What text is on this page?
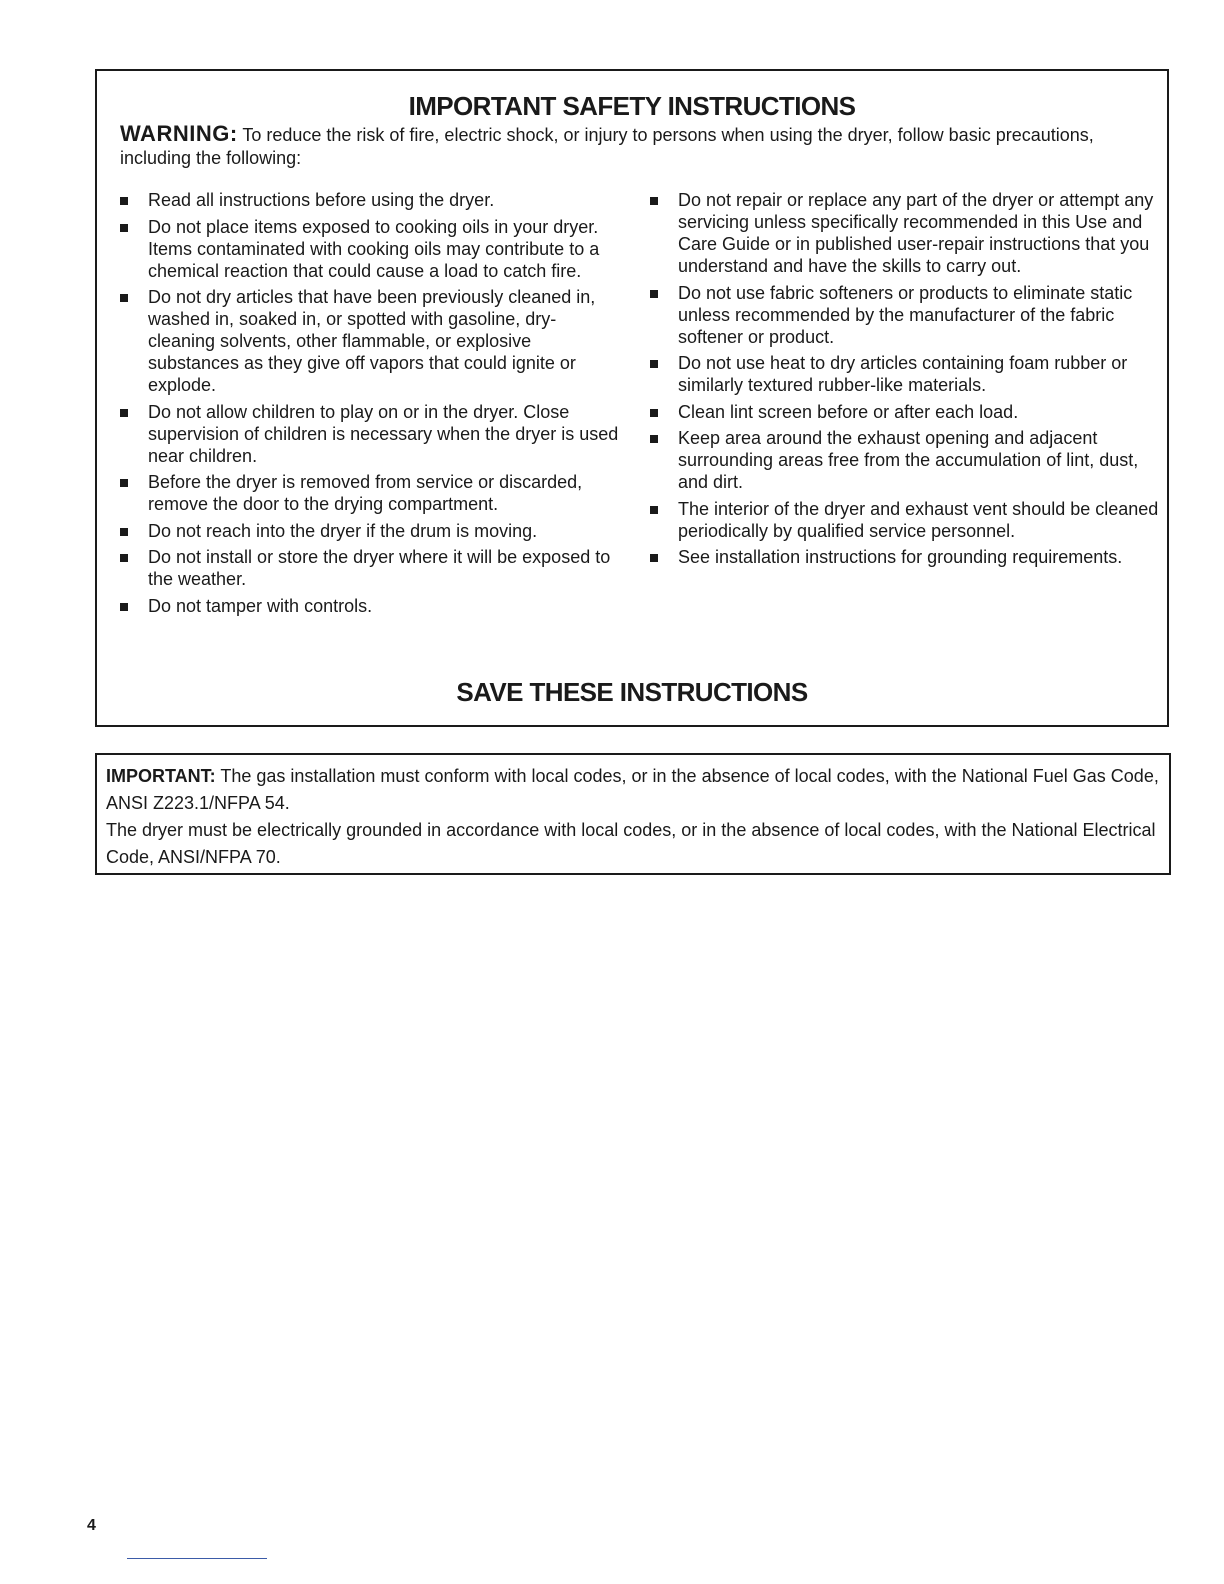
IMPORTANT SAFETY INSTRUCTIONS

WARNING: To reduce the risk of fire, electric shock, or injury to persons when using the dryer, follow basic precautions, including the following:

Read all instructions before using the dryer.
Do not place items exposed to cooking oils in your dryer. Items contaminated with cooking oils may contribute to a chemical reaction that could cause a load to catch fire.
Do not dry articles that have been previously cleaned in, washed in, soaked in, or spotted with gasoline, dry-cleaning solvents, other flammable, or explosive substances as they give off vapors that could ignite or explode.
Do not allow children to play on or in the dryer. Close supervision of children is necessary when the dryer is used near children.
Before the dryer is removed from service or discarded, remove the door to the drying compartment.
Do not reach into the dryer if the drum is moving.
Do not install or store the dryer where it will be exposed to the weather.
Do not tamper with controls.
Do not repair or replace any part of the dryer or attempt any servicing unless specifically recommended in this Use and Care Guide or in published user-repair instructions that you understand and have the skills to carry out.
Do not use fabric softeners or products to eliminate static unless recommended by the manufacturer of the fabric softener or product.
Do not use heat to dry articles containing foam rubber or similarly textured rubber-like materials.
Clean lint screen before or after each load.
Keep area around the exhaust opening and adjacent surrounding areas free from the accumulation of lint, dust, and dirt.
The interior of the dryer and exhaust vent should be cleaned periodically by qualified service personnel.
See installation instructions for grounding requirements.
SAVE THESE INSTRUCTIONS

IMPORTANT: The gas installation must conform with local codes, or in the absence of local codes, with the National Fuel Gas Code, ANSI Z223.1/NFPA 54.

The dryer must be electrically grounded in accordance with local codes, or in the absence of local codes, with the National Electrical Code, ANSI/NFPA 70.

4
